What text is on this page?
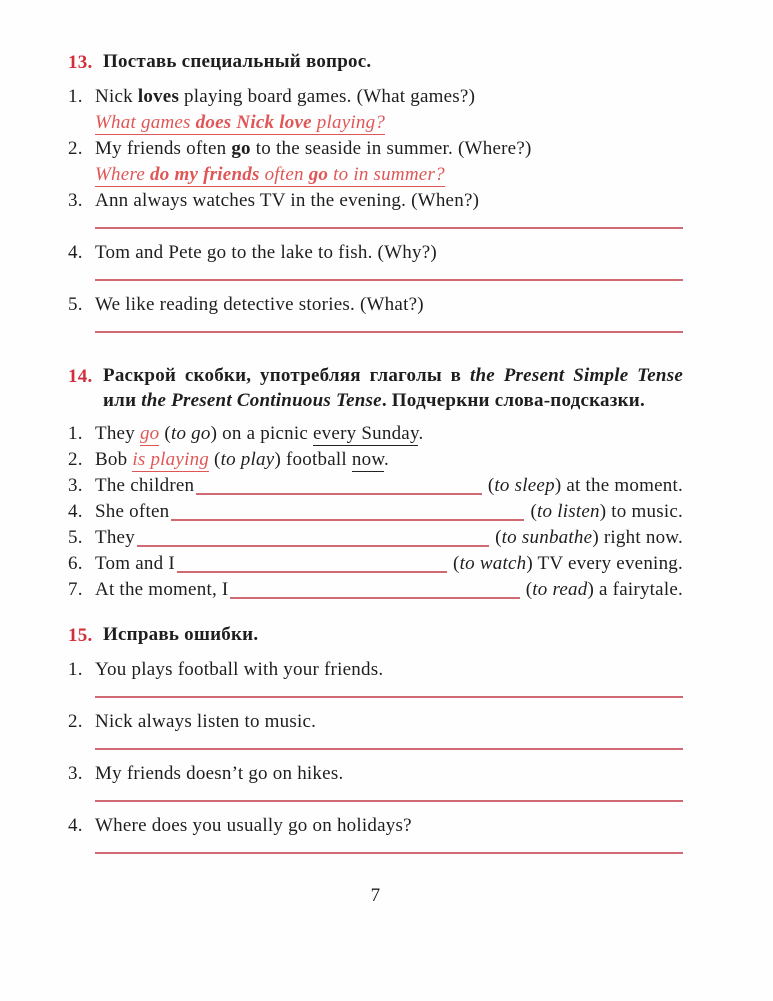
13. Поставь специальный вопрос.
1. Nick loves playing board games. (What games?)
What games does Nick love playing?
2. My friends often go to the seaside in summer. (Where?)
Where do my friends often go to in summer?
3. Ann always watches TV in the evening. (When?)
4. Tom and Pete go to the lake to fish. (Why?)
5. We like reading detective stories. (What?)
14. Раскрой скобки, употребляя глаголы в the Present Simple Tense или the Present Continuous Tense. Подчеркни слова-подсказки.
1. They go (to go) on a picnic every Sunday.
2. Bob is playing (to play) football now.
3. The children	(to sleep) at the moment.
4. She often	(to listen) to music.
5. They	(to sunbathe) right now.
6. Tom and I	(to watch) TV every evening.
7. At the moment, I	(to read) a fairytale.
15. Исправь ошибки.
1. You plays football with your friends.
2. Nick always listen to music.
3. My friends doesn’t go on hikes.
4. Where does you usually go on holidays?
7
